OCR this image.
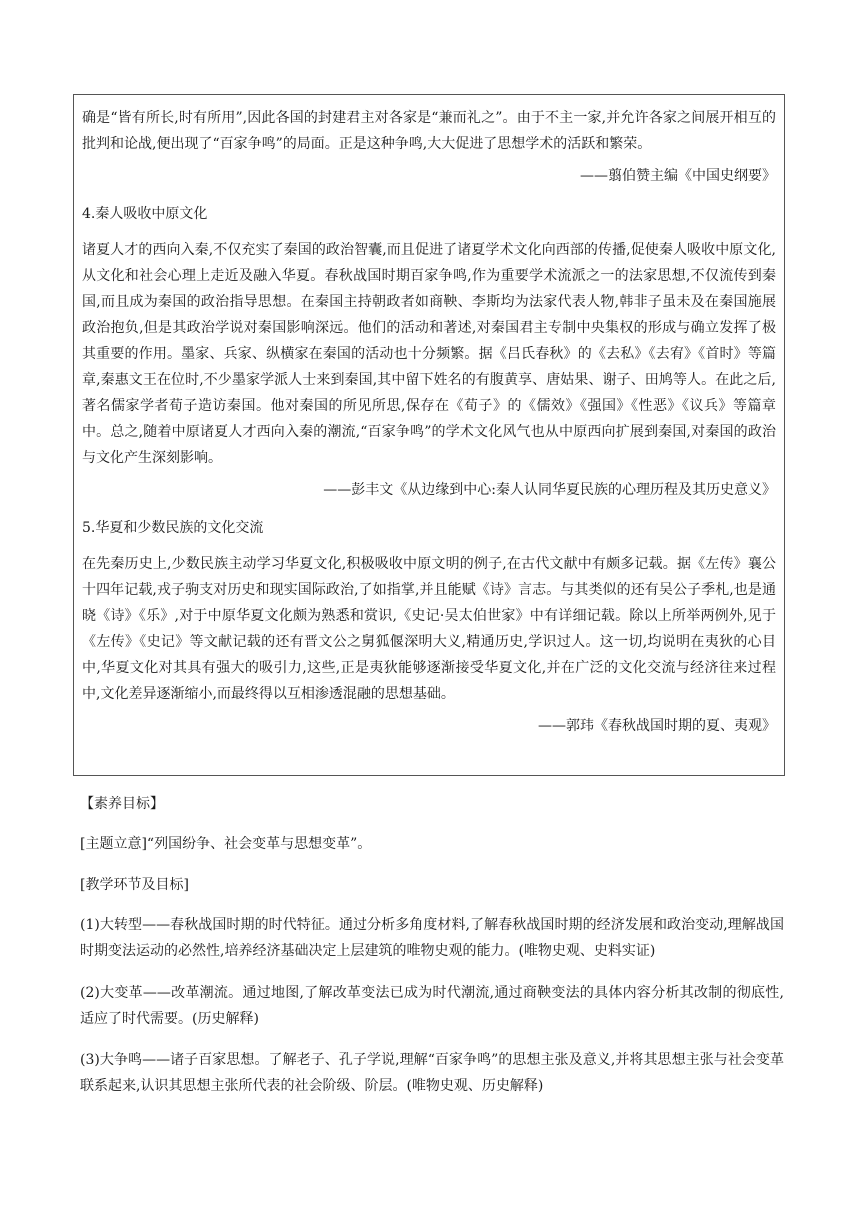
确是“皆有所长,时有所用”,因此各国的封建君主对各家是“兼而礼之”。由于不主一家,并允许各家之间展开相互的批判和论战,便出现了“百家争鸣”的局面。正是这种争鸣,大大促进了思想学术的活跃和繁荣。

——翦伯赞主编《中国史纲要》

4.秦人吸收中原文化

诸夏人才的西向入秦,不仅充实了秦国的政治智囊,而且促进了诸夏学术文化向西部的传播,促使秦人吸收中原文化,从文化和社会心理上走近及融入华夏。春秋战国时期百家争鸣,作为重要学术流派之一的法家思想,不仅流传到秦国,而且成为秦国的政治指导思想。在秦国主持朝政者如商鞅、李斯均为法家代表人物,韩非子虽未及在秦国施展政治抱负,但是其政治学说对秦国影响深远。他们的活动和著述,对秦国君主专制中央集权的形成与确立发挥了极其重要的作用。墨家、兵家、纵横家在秦国的活动也十分频繁。据《吕氏春秋》的《去私》《去宥》《首时》等篇章,秦惠文王在位时,不少墨家学派人士来到秦国,其中留下姓名的有腹黄享、唐姑果、谢子、田鸠等人。在此之后,著名儒家学者荀子造访秦国。他对秦国的所见所思,保存在《荀子》的《儒效》《强国》《性恶》《议兵》等篇章中。总之,随着中原诸夏人才西向入秦的潮流,“百家争鸣”的学术文化风气也从中原西向扩展到秦国,对秦国的政治与文化产生深刻影响。

——彭丰文《从边缘到中心:秦人认同华夏民族的心理历程及其历史意义》

5.华夏和少数民族的文化交流

在先秦历史上,少数民族主动学习华夏文化,积极吸收中原文明的例子,在古代文献中有颇多记载。据《左传》襄公十四年记载,戎子驹支对历史和现实国际政治,了如指掌,并且能赋《诗》言志。与其类似的还有吴公子季札,也是通晓《诗》《乐》,对于中原华夏文化颇为熟悉和赏识,《史记·吴太伯世家》中有详细记载。除以上所举两例外,见于《左传》《史记》等文献记载的还有晋文公之舅狐偃深明大义,精通历史,学识过人。这一切,均说明在夷狄的心目中,华夏文化对其具有强大的吸引力,这些,正是夷狄能够逐渐接受华夏文化,并在广泛的文化交流与经济往来过程中,文化差异逐渐缩小,而最终得以互相渗透混融的思想基础。

——郭玮《春秋战国时期的夏、夷观》

【素养目标】

[主题立意]“列国纷争、社会变革与思想变革”。

[教学环节及目标]

(1)大转型——春秋战国时期的时代特征。通过分析多角度材料,了解春秋战国时期的经济发展和政治变动,理解战国时期变法运动的必然性,培养经济基础决定上层建筑的唯物史观的能力。(唯物史观、史料实证)

(2)大变革——改革潮流。通过地图,了解改革变法已成为时代潮流,通过商鞅变法的具体内容分析其改制的彻底性,适应了时代需要。(历史解释)

(3)大争鸣——诸子百家思想。了解老子、孔子学说,理解“百家争鸣”的思想主张及意义,并将其思想主张与社会变革联系起来,认识其思想主张所代表的社会阶级、阶层。(唯物史观、历史解释)
